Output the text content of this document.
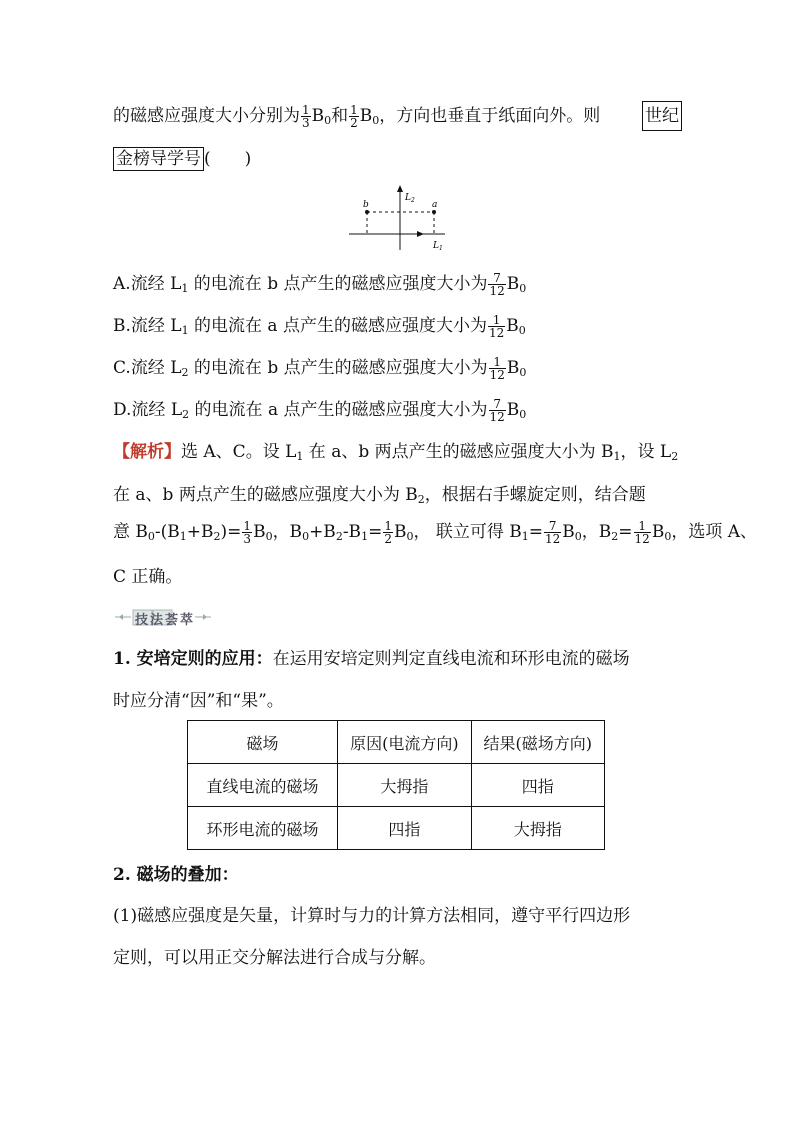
的磁感应强度大小分别为 $\frac{1}{3} B_0$和 $\frac{1}{2} B_0$，方向也垂直于纸面向外。则	世纪
金榜导学号 (　　)
b	a
$L_2$
$L_1$
A.流经 $L_1$ 的电流在 b 点产生的磁感应强度大小为 $\frac{7}{12} B_0$
B.流经 $L_1$ 的电流在 a 点产生的磁感应强度大小为 $\frac{1}{12} B_0$
C.流经 $L_2$ 的电流在 b 点产生的磁感应强度大小为 $\frac{1}{12} B_0$
D.流经 $L_2$ 的电流在 a 点产生的磁感应强度大小为 $\frac{7}{12} B_0$
【解析】选 A、C。设 $L_1$ 在 a、b 两点产生的磁感应强度大小为 $B_1$，设 $L_2$
在 a、b 两点产生的磁感应强度大小为 $B_2$，根据右手螺旋定则，结合题
意 $B_0-(B_1+B_2)= \frac{1}{3} B_0$，$B_0+B_2-B_1= \frac{1}{2} B_0$， 联立可得 $B_1= \frac{7}{12} B_0$，$B_2= \frac{1}{12} B_0$，选项 A、
C 正确。
技法荟萃
1. 安培定则的应用：在运用安培定则判定直线电流和环形电流的磁场
时应分清“因”和“果”。
磁场	原因(电流方向)	结果(磁场方向)
直线电流的磁场	大拇指	四指
环形电流的磁场	四指	大拇指
2. 磁场的叠加：
(1)磁感应强度是矢量，计算时与力的计算方法相同，遵守平行四边形
定则，可以用正交分解法进行合成与分解。
